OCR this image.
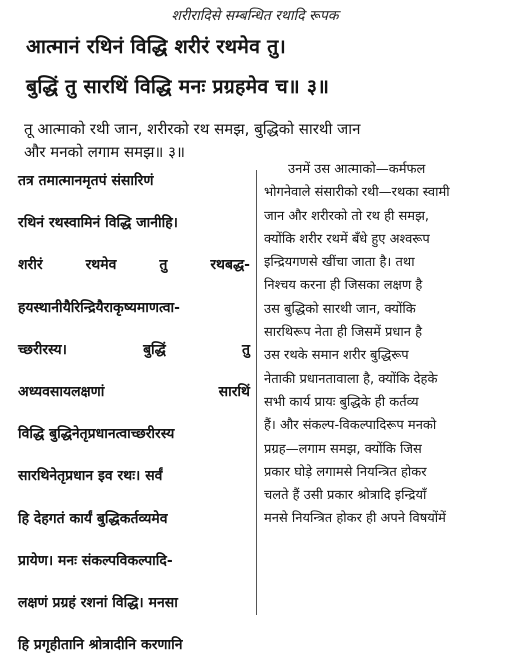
शरीरादिसे सम्बन्धित रथादि रूपक
आत्मानं रथिनं विद्धि शरीरं रथमेव तु।
बुद्धिं तु सारथिं विद्धि मनः प्रग्रहमेव च॥ ३॥
तू आत्माको रथी जान, शरीरको रथ समझ, बुद्धिको सारथी जान
और मनको लगाम समझ॥ ३॥
तत्र तमात्मानमृतपं संसारिणं
रथिनं रथस्वामिनं विद्धि जानीहि।
शरीरं	रथमेव	तु	रथबद्ध-
हयस्थानीयैरिन्द्रियैराकृष्यमाणत्वा-
च्छरीरस्य।	बुद्धिं	तु
अध्यवसायलक्षणां	सारथिं
विद्धि बुद्धिनेतृप्रधानत्वाच्छरीरस्य
सारथिनेतृप्रधान इव रथः। सर्वं
हि देहगतं कार्यं बुद्धिकर्तव्यमेव
प्रायेण। मनः संकल्पविकल्पादि-
लक्षणं प्रग्रहं रशनां विद्धि। मनसा
हि प्रगृहीतानि श्रोत्रादीनि करणानि
उनमें उस आत्माको—कर्मफल
भोगनेवाले संसारीको रथी—रथका स्वामी
जान और शरीरको तो रथ ही समझ,
क्योंकि शरीर रथमें बँधे हुए अश्वरूप
इन्द्रियगणसे खींचा जाता है। तथा
निश्चय करना ही जिसका लक्षण है
उस बुद्धिको सारथी जान, क्योंकि
सारथिरूप नेता ही जिसमें प्रधान है
उस रथके समान शरीर बुद्धिरूप
नेताकी प्रधानतावाला है, क्योंकि देहके
सभी कार्य प्रायः बुद्धिके ही कर्तव्य
हैं। और संकल्प-विकल्पादिरूप मनको
प्रग्रह—लगाम समझ, क्योंकि जिस
प्रकार घोड़े लगामसे नियन्त्रित होकर
चलते हैं उसी प्रकार श्रोत्रादि इन्द्रियाँ
मनसे नियन्त्रित होकर ही अपने विषयोंमें
